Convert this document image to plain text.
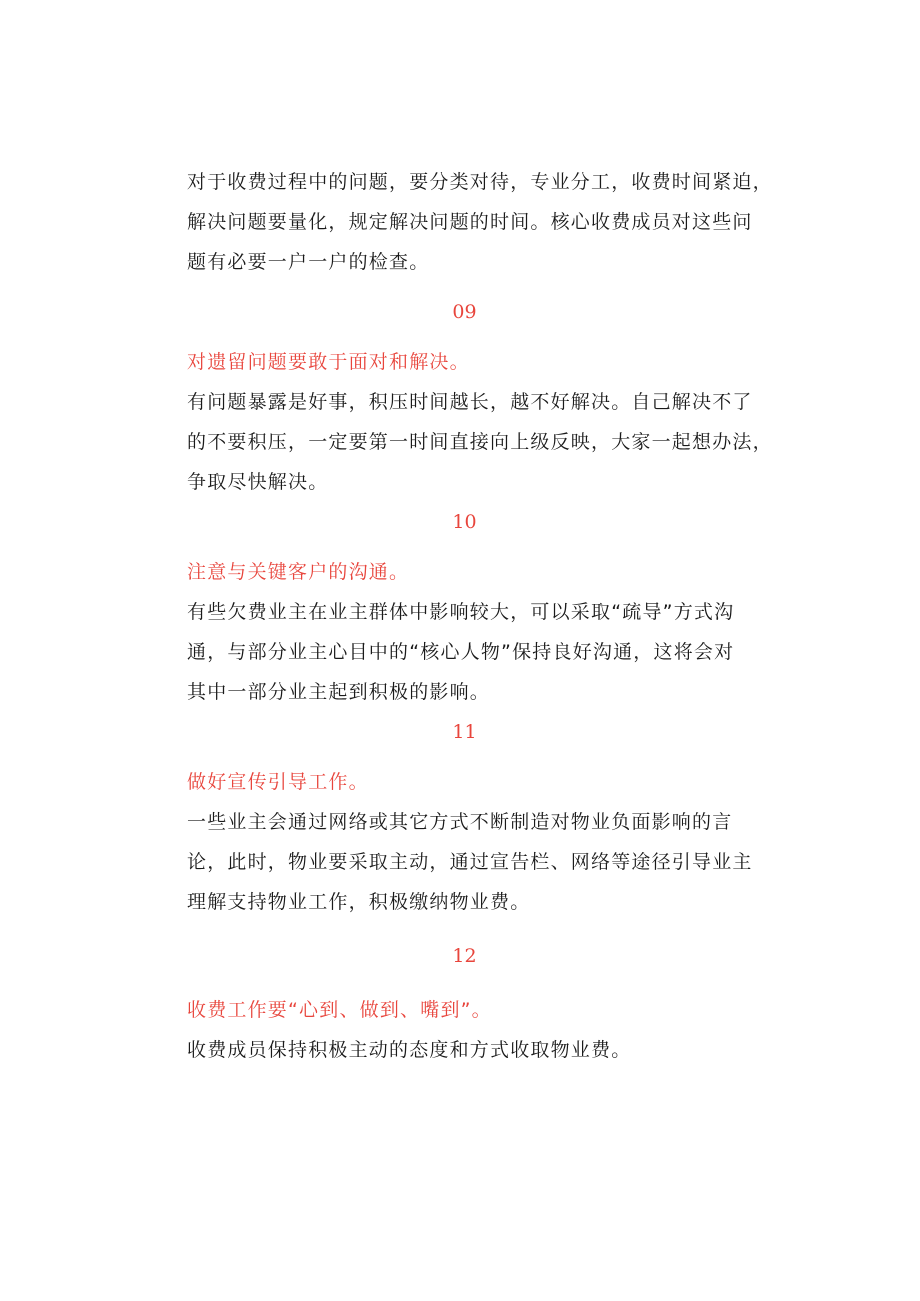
对于收费过程中的问题，要分类对待，专业分工，收费时间紧迫，
解决问题要量化，规定解决问题的时间。核心收费成员对这些问
题有必要一户一户的检查。

09

对遗留问题要敢于面对和解决。

有问题暴露是好事，积压时间越长，越不好解决。自己解决不了
的不要积压，一定要第一时间直接向上级反映，大家一起想办法，
争取尽快解决。

10

注意与关键客户的沟通。

有些欠费业主在业主群体中影响较大，可以采取“疏导”方式沟
通，与部分业主心目中的“核心人物”保持良好沟通，这将会对
其中一部分业主起到积极的影响。

11

做好宣传引导工作。

一些业主会通过网络或其它方式不断制造对物业负面影响的言
论，此时，物业要采取主动，通过宣告栏、网络等途径引导业主
理解支持物业工作，积极缴纳物业费。

12

收费工作要“心到、做到、嘴到”。

收费成员保持积极主动的态度和方式收取物业费。
